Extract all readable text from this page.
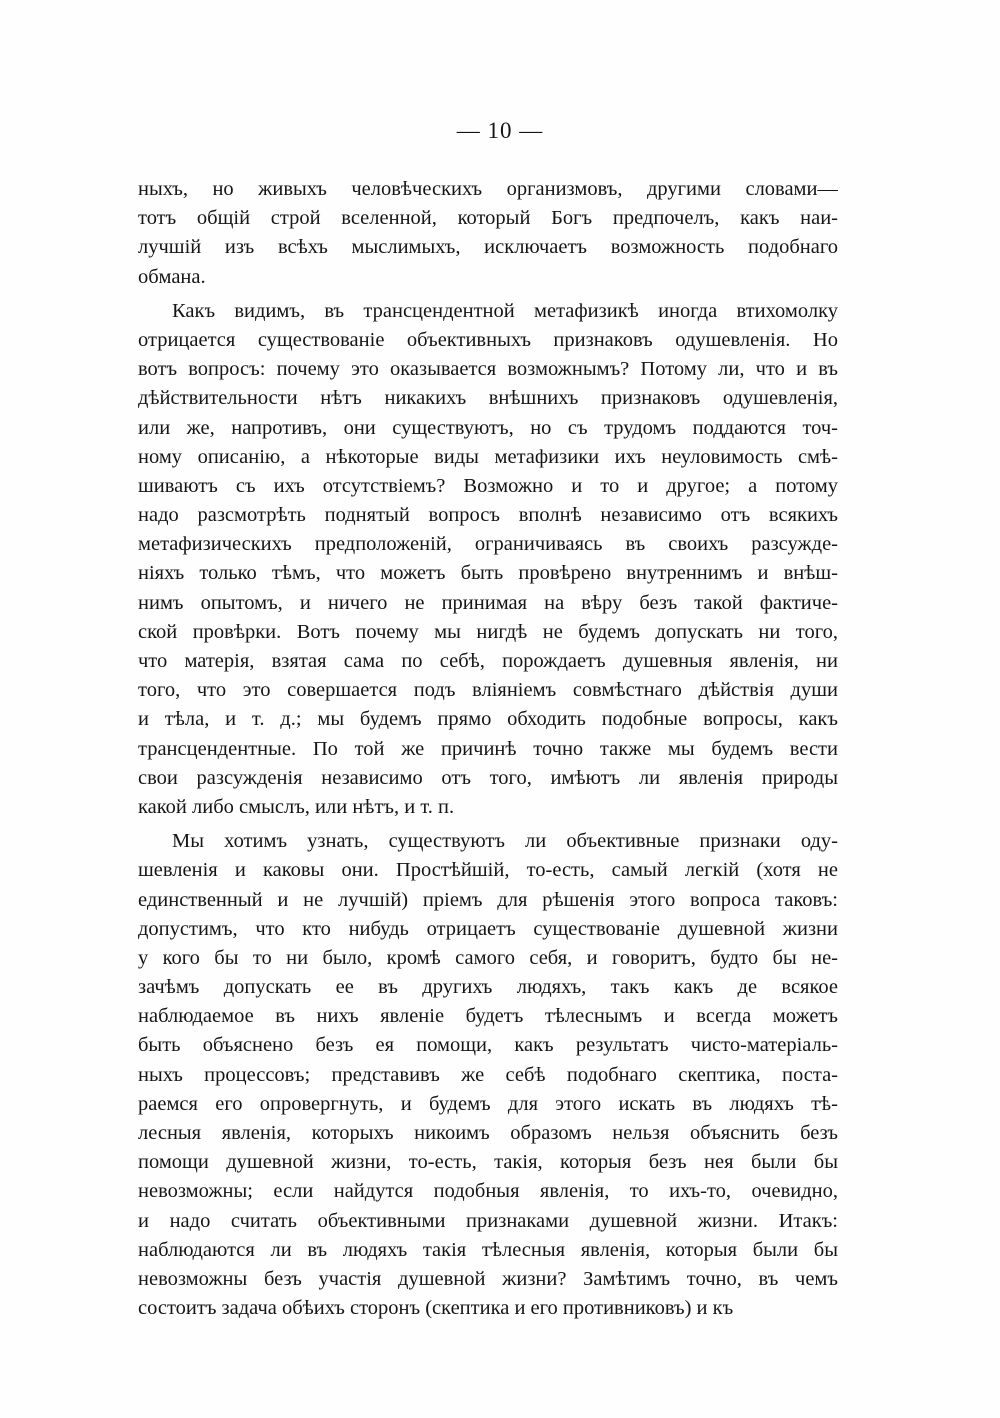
— 10 —
ныхъ, но живыхъ человѣческихъ организмовъ, другими словами—
тотъ общій строй вселенной, который Богъ предпочелъ, какъ наи-
лучшій изъ всѣхъ мыслимыхъ, исключаетъ возможность подобнаго
обмана.
Какъ видимъ, въ трансцендентной метафизикѣ иногда втихомолку
отрицается существованіе объективныхъ признаковъ одушевленія. Но
вотъ вопросъ: почему это оказывается возможнымъ? Потому ли, что и въ
дѣйствительности нѣтъ никакихъ внѣшнихъ признаковъ одушевленія,
или же, напротивъ, они существуютъ, но съ трудомъ поддаются точ-
ному описанію, а нѣкоторые виды метафизики ихъ неуловимость смѣ-
шиваютъ съ ихъ отсутствіемъ? Возможно и то и другое; а потому
надо разсмотрѣть поднятый вопросъ вполнѣ независимо отъ всякихъ
метафизическихъ предположеній, ограничиваясь въ своихъ разсужде-
ніяхъ только тѣмъ, что можетъ быть провѣрено внутреннимъ и внѣш-
нимъ опытомъ, и ничего не принимая на вѣру безъ такой фактиче-
ской провѣрки. Вотъ почему мы нигдѣ не будемъ допускать ни того,
что матерія, взятая сама по себѣ, порождаетъ душевныя явленія, ни
того, что это совершается подъ вліяніемъ совмѣстнаго дѣйствія души
и тѣла, и т. д.; мы будемъ прямо обходить подобные вопросы, какъ
трансцендентные. По той же причинѣ точно также мы будемъ вести
свои разсужденія независимо отъ того, имѣютъ ли явленія природы
какой либо смыслъ, или нѣтъ, и т. п.
Мы хотимъ узнать, существуютъ ли объективные признаки оду-
шевленія и каковы они. Простѣйшій, то-есть, самый легкій (хотя не
единственный и не лучшій) пріемъ для рѣшенія этого вопроса таковъ:
допустимъ, что кто нибудь отрицаетъ существованіе душевной жизни
у кого бы то ни было, кромѣ самого себя, и говоритъ, будто бы не-
зачѣмъ допускать ее въ другихъ людяхъ, такъ какъ де всякое
наблюдаемое въ нихъ явленіе будетъ тѣлеснымъ и всегда можетъ
быть объяснено безъ ея помощи, какъ результатъ чисто-матеріаль-
ныхъ процессовъ; представивъ же себѣ подобнаго скептика, поста-
раемся его опровергнуть, и будемъ для этого искать въ людяхъ тѣ-
лесныя явленія, которыхъ никоимъ образомъ нельзя объяснить безъ
помощи душевной жизни, то-есть, такія, которыя безъ нея были бы
невозможны; если найдутся подобныя явленія, то ихъ-то, очевидно,
и надо считать объективными признаками душевной жизни. Итакъ:
наблюдаются ли въ людяхъ такія тѣлесныя явленія, которыя были бы
невозможны безъ участія душевной жизни? Замѣтимъ точно, въ чемъ
состоитъ задача обѣихъ сторонъ (скептика и его противниковъ) и къ
